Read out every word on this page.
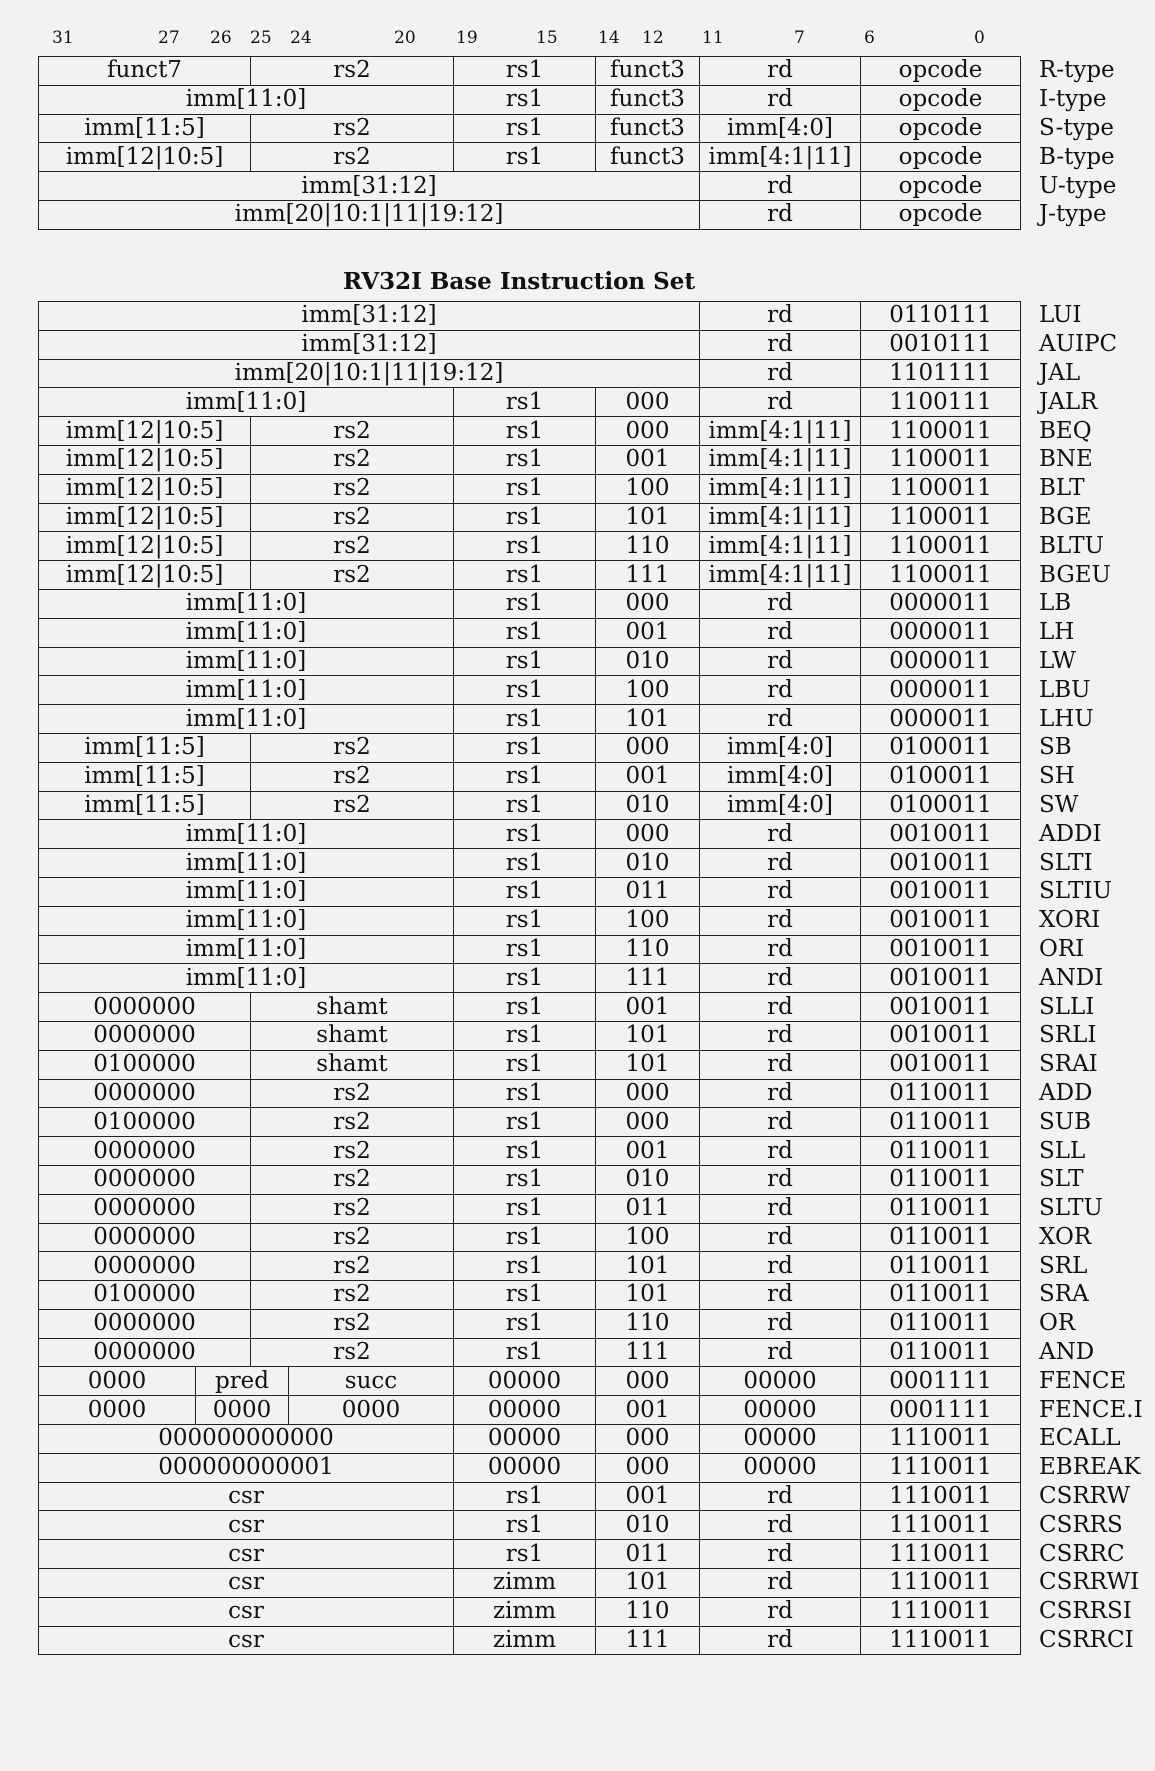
31	27 26 25 24	20 19	15 14 12 11	7	6	0
funct7	rs2	rs1	funct3	rd	opcode	R-type
imm[11:0]		rs1	funct3	rd	opcode	I-type
imm[11:5]	rs2	rs1	funct3	imm[4:0]	opcode	S-type
imm[12|10:5]	rs2	rs1	funct3	imm[4:1|11]	opcode	B-type
imm[31:12]				rd	opcode	U-type
imm[20|10:1|11|19:12]				rd	opcode	J-type
RV32I Base Instruction Set
imm[31:12]						rd	0110111	LUI
imm[31:12]						rd	0010111	AUIPC
imm[20|10:1|11|19:12]						rd	1101111	JAL
imm[11:0]				rs1	000	rd	1100111	JALR
imm[12|10:5]		rs2		rs1	000	imm[4:1|11]	1100011	BEQ
imm[12|10:5]		rs2		rs1	001	imm[4:1|11]	1100011	BNE
imm[12|10:5]		rs2		rs1	100	imm[4:1|11]	1100011	BLT
imm[12|10:5]		rs2		rs1	101	imm[4:1|11]	1100011	BGE
imm[12|10:5]		rs2		rs1	110	imm[4:1|11]	1100011	BLTU
imm[12|10:5]		rs2		rs1	111	imm[4:1|11]	1100011	BGEU
imm[11:0]				rs1	000	rd	0000011	LB
imm[11:0]				rs1	001	rd	0000011	LH
imm[11:0]				rs1	010	rd	0000011	LW
imm[11:0]				rs1	100	rd	0000011	LBU
imm[11:0]				rs1	101	rd	0000011	LHU
imm[11:5]		rs2		rs1	000	imm[4:0]	0100011	SB
imm[11:5]		rs2		rs1	001	imm[4:0]	0100011	SH
imm[11:5]		rs2		rs1	010	imm[4:0]	0100011	SW
imm[11:0]				rs1	000	rd	0010011	ADDI
imm[11:0]				rs1	010	rd	0010011	SLTI
imm[11:0]				rs1	011	rd	0010011	SLTIU
imm[11:0]				rs1	100	rd	0010011	XORI
imm[11:0]				rs1	110	rd	0010011	ORI
imm[11:0]				rs1	111	rd	0010011	ANDI
0000000		shamt		rs1	001	rd	0010011	SLLI
0000000		shamt		rs1	101	rd	0010011	SRLI
0100000		shamt		rs1	101	rd	0010011	SRAI
0000000		rs2		rs1	000	rd	0110011	ADD
0100000		rs2		rs1	000	rd	0110011	SUB
0000000		rs2		rs1	001	rd	0110011	SLL
0000000		rs2		rs1	010	rd	0110011	SLT
0000000		rs2		rs1	011	rd	0110011	SLTU
0000000		rs2		rs1	100	rd	0110011	XOR
0000000		rs2		rs1	101	rd	0110011	SRL
0100000		rs2		rs1	101	rd	0110011	SRA
0000000		rs2		rs1	110	rd	0110011	OR
0000000		rs2		rs1	111	rd	0110011	AND
0000	pred		succ	00000	000	00000	0001111	FENCE
0000	0000		0000	00000	001	00000	0001111	FENCE.I
000000000000				00000	000	00000	1110011	ECALL
000000000001				00000	000	00000	1110011	EBREAK
csr				rs1	001	rd	1110011	CSRRW
csr				rs1	010	rd	1110011	CSRRS
csr				rs1	011	rd	1110011	CSRRC
csr				zimm	101	rd	1110011	CSRRWI
csr				zimm	110	rd	1110011	CSRRSI
csr				zimm	111	rd	1110011	CSRRCI
